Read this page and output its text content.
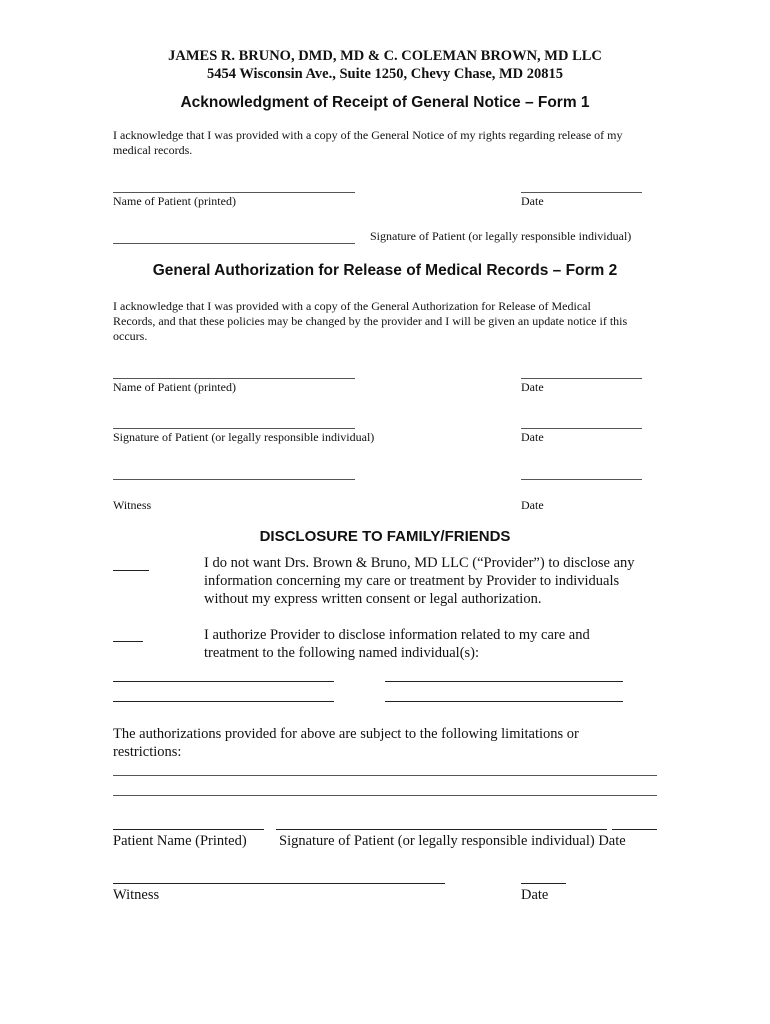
JAMES R. BRUNO, DMD, MD & C. COLEMAN BROWN, MD LLC
5454 Wisconsin Ave., Suite 1250, Chevy Chase, MD 20815
Acknowledgment of Receipt of General Notice – Form 1
I acknowledge that I was provided with a copy of the General Notice of my rights regarding release of my
medical records.
Name of Patient (printed)	Date
Signature of Patient (or legally responsible individual)
General Authorization for Release of Medical Records – Form 2
I acknowledge that I was provided with a copy of the General Authorization for Release of Medical
Records, and that these policies may be changed by the provider and I will be given an update notice if this
occurs.
Name of Patient (printed)	Date
Signature of Patient (or legally responsible individual)	Date
Witness	Date
DISCLOSURE TO FAMILY/FRIENDS
I do not want Drs. Brown & Bruno, MD LLC (“Provider”) to disclose any
information concerning my care or treatment by Provider to individuals
without my express written consent or legal authorization.
I authorize Provider to disclose information related to my care and
treatment to the following named individual(s):
The authorizations provided for above are subject to the following limitations or
restrictions:
Patient Name (Printed) Signature of Patient (or legally responsible individual) Date
Witness	Date
